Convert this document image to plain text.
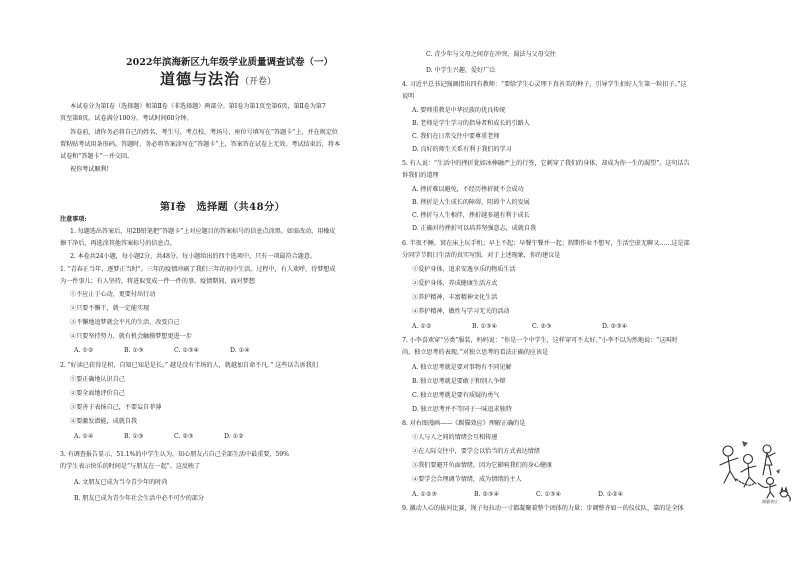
2022年滨海新区九年级学业质量调查试卷（一）
道德与法治（开卷）
本试卷分为第Ⅰ卷（选择题）和第Ⅱ卷（非选择题）两部分。第Ⅰ卷为第1页至第6页，第Ⅱ卷为第7
页至第8页。试卷满分100分。考试时间60分钟。
答卷前，请你务必将自己的姓名、考生号、考点校、考场号、座位号填写在“答题卡”上，并在规定位
置粘贴考试用条形码。答题时，务必将答案涂写在“答题卡”上，答案答在试卷上无效。考试结束后，将本
试卷和“答题卡”一并交回。
祝你考试顺利!
第Ⅰ卷　选择题（共48分）
注意事项:
1. 每题选出答案后，用2B铅笔把“答题卡”上对应题目的答案标号的信息点涂黑。如需改动，用橡皮
擦干净后，再选涂其他答案标号的信息点。
2. 本卷共24小题，每小题2分，共48分。每小题给出的四个选项中，只有一项最符合题意。
1. “青春正当年，逐梦正当时”。三年的疫情冲刷了我们三年的初中生活。过程中，有人欢呼，待梦想成
为一件事儿；有人坚持，将进取变成一件一件的事。疫情期间，面对梦想
①不应止于心动，更要付出行动
②只要不懈干，就一定能实现
③不懈地追梦就会平凡的生活，改变自己
④只要坚持努力，就有机会触摸梦想更进一步
A. ①②	B. ①③	C. ①③④	D. ①④
2. “好读已获得是积，自知已知是是长。” 越是没有半场的人，就越加自命不凡。” 这些话告诉我们
①要正确地认识自己
②要全面地评价自己
③要善于表扬自己，不要妄自菲薄
④要激发潜能，成就自我
A. ①④	B. ①③	C. ②③	D. ①②
3. 有调查报告显示，51.1%的中学生认为，知心朋友占自己全部生活中最重要，59%
的学生表示快乐的时间是“与朋友在一起”。这反映了
A. 文朋友已成为当今青少年的时尚
B. 朋友已成为青少年社会生活中必不可少的部分
C. 青少年与父母之间存在冲突，渴法与父母交往
D. 中学生兴趣、爱好广泛
4. 习近平总书记强调指出四有教师：“要给学生心灵埋下真善美的种子，引导学生扣好人生第一粒扣子。”这
说明
A. 要师重教是中华民族的优良传统
B. 老师是学生学习的指导者和成长的引路人
C. 我们在日常交往中要尊重老师
D. 良好的师生关系有利于我们的学习
5. 有人说：“生活中的挫折犹如冰棒融严上的行签，它刺穿了我们的身体，却成为你一生的渴望”。这句话告
诉我们的道理
A. 挫折难以避免，不经历挫折就不会成功
B. 挫折是人生成长的障碍，阻碍个人的发展
C. 挫折与人生相伴，挫折越多越有利于成长
D. 正确对待挫折可以培养坚强意志，成就自我
6. 半夜不睡，窝在床上玩手机；早上不起；早餐午餐并一起；假期作业不想写，生活空虚无聊又……这是部
分同学节假日生活的真实写照。对于上述现象，你的建议是
①爱护身体，追求安逸享乐的物质生活
②爱护身体，养成健康生活方式
③养护精神，丰富精神文化生活
④养护精神，做性与学习无关的活动
A. ①②	B. ①③④	C. ②③	D. ②③④
7. 小李喜欢穿“另类”服装，妈妈说：“你是一个中学生，这样穿可不太好。”小李不以为然地说：“这叫时
尚，独立思考的表现。”对独立思考的看法正确的应该是
A. 独立思考就是要对事物有不同见解
B. 独立思考就是要敢于和别人争辩
C. 独立思考就是要有质疑的勇气
D. 独立思考并不等同于一味追求独特
8. 对右图漫画——《踢猫效应》理解正确的是
①人与人之间的情绪会互相传递
②在人际交往中，要学会以恰当的方式表达情绪
③我们要避开负面情绪，因为它影响我们的身心健康
④要学会合理调节情绪，成为情绪的主人
A. ①②③	B. ②③④	C. ①③④	D. ①②④
9. 激动人心的拔河比赛，绳子每拉动一寸都凝聚着整个团体的力量；步调整齐如一的仪仗队，靠的是全体
踢猫效应
